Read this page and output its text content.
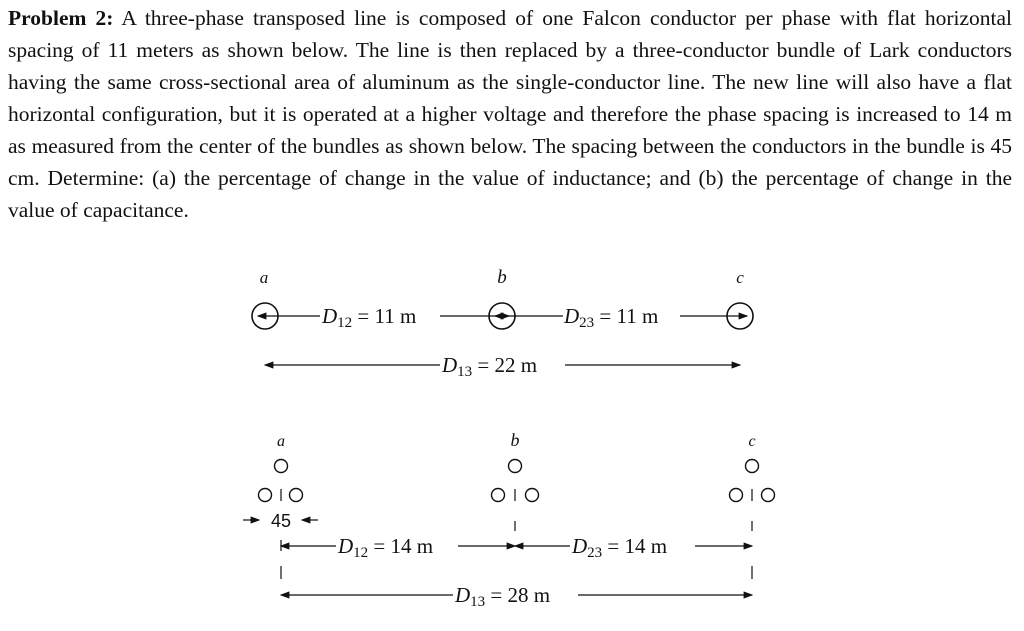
Problem 2: A three-phase transposed line is composed of one Falcon conductor per phase with flat horizontal spacing of 11 meters as shown below. The line is then replaced by a three-conductor bundle of Lark conductors having the same cross-sectional area of aluminum as the single-conductor line. The new line will also have a flat horizontal configuration, but it is operated at a higher voltage and therefore the phase spacing is increased to 14 m as measured from the center of the bundles as shown below. The spacing between the conductors in the bundle is 45 cm. Determine: (a) the percentage of change in the value of inductance; and (b) the percentage of change in the value of capacitance.
a	b	c
D12 = 11 m	D23 = 11 m
D13 = 22 m
a	b	c
45
D12 = 14 m	D23 = 14 m
D13 = 28 m
